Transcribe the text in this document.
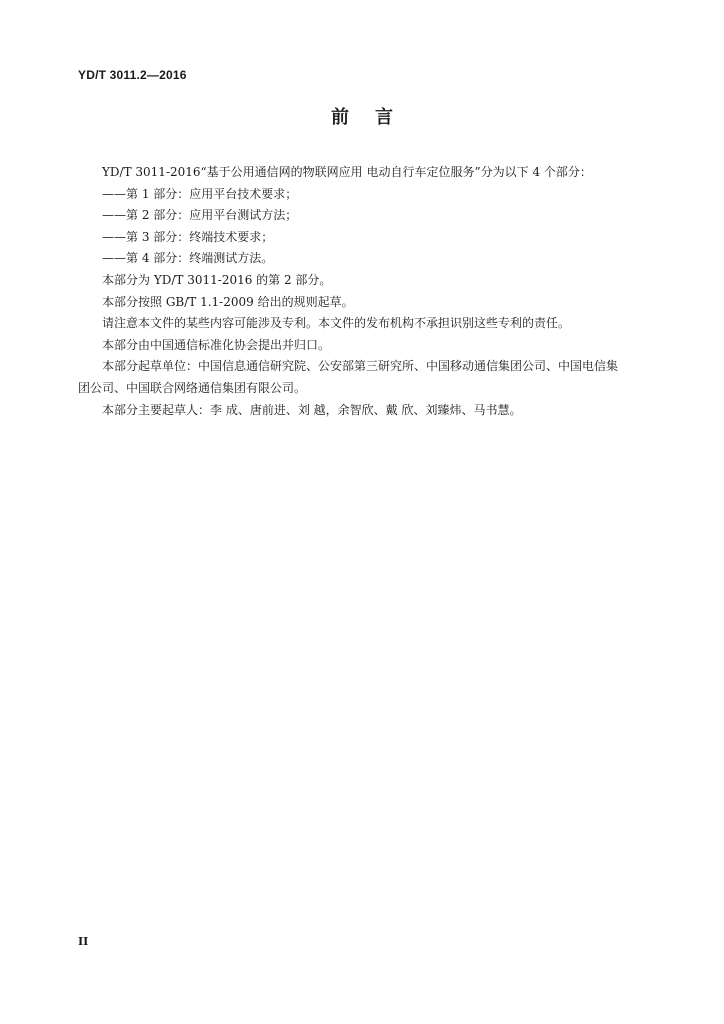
YD/T 3011.2—2016
前 言

YD/T 3011-2016“基于公用通信网的物联网应用 电动自行车定位服务”分为以下 4 个部分：

——第 1 部分：应用平台技术要求；

——第 2 部分：应用平台测试方法；

——第 3 部分：终端技术要求；

——第 4 部分：终端测试方法。

本部分为 YD/T 3011-2016 的第 2 部分。

本部分按照 GB/T 1.1-2009 给出的规则起草。

请注意本文件的某些内容可能涉及专利。本文件的发布机构不承担识别这些专利的责任。

本部分由中国通信标准化协会提出并归口。

本部分起草单位：中国信息通信研究院、公安部第三研究所、中国移动通信集团公司、中国电信集

团公司、中国联合网络通信集团有限公司。

本部分主要起草人：李 成、唐前进、刘 越，余智欣、戴 欣、刘臻炜、马书慧。

II
